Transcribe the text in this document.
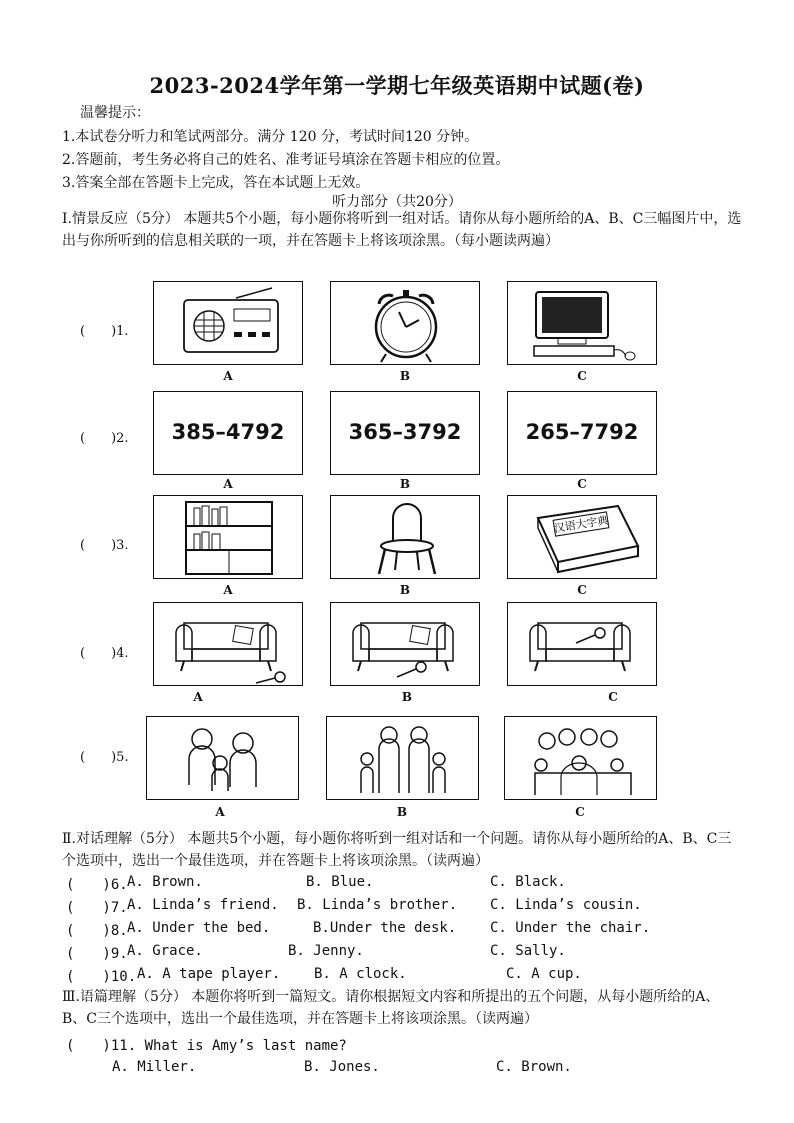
2023-2024学年第一学期七年级英语期中试题(卷)
温馨提示：
1.本试卷分听力和笔试两部分。满分 120 分，考试时间120 分钟。
2.答题前，考生务必将自己的姓名、准考证号填涂在答题卡相应的位置。
3.答案全部在答题卡上完成，答在本试题上无效。
听力部分（共20分）
Ⅰ.情景反应（5分） 本题共5个小题，每小题你将听到一组对话。请你从每小题所给的A、B、C三幅图片中，选出与你所听到的信息相关联的一项，并在答题卡上将该项涂黑。（每小题读两遍）
(　　)1.
A	B	C
(　　)2.	385–4792	365–3792	265–7792
A	B	C
(　　)3.
汉语大字典
A	B	C
(　　)4.
A	B	C
(　　)5.
A	B	C
Ⅱ.对话理解（5分） 本题共5个小题，每小题你将听到一组对话和一个问题。请你从每小题所给的A、B、C三个选项中，选出一个最佳选项，并在答题卡上将该项涂黑。（读两遍）
(　　)6. A. Brown.	B. Blue.	C. Black.
(　　)7. A. Linda’s friend. B. Linda’s brother. C. Linda’s cousin.
(　　)8. A. Under the bed.	B.Under the desk. C. Under the chair.
(　　)9. A. Grace.	B. Jenny.	C. Sally.
(　　)10. A. A tape player. B. A clock.	C. A cup.
Ⅲ.语篇理解（5分） 本题你将听到一篇短文。请你根据短文内容和所提出的五个问题，从每小题所给的A、B、C三个选项中，选出一个最佳选项，并在答题卡上将该项涂黑。（读两遍）
(　　)11. What is Amy’s last name?
A. Miller.	B. Jones.	C. Brown.
